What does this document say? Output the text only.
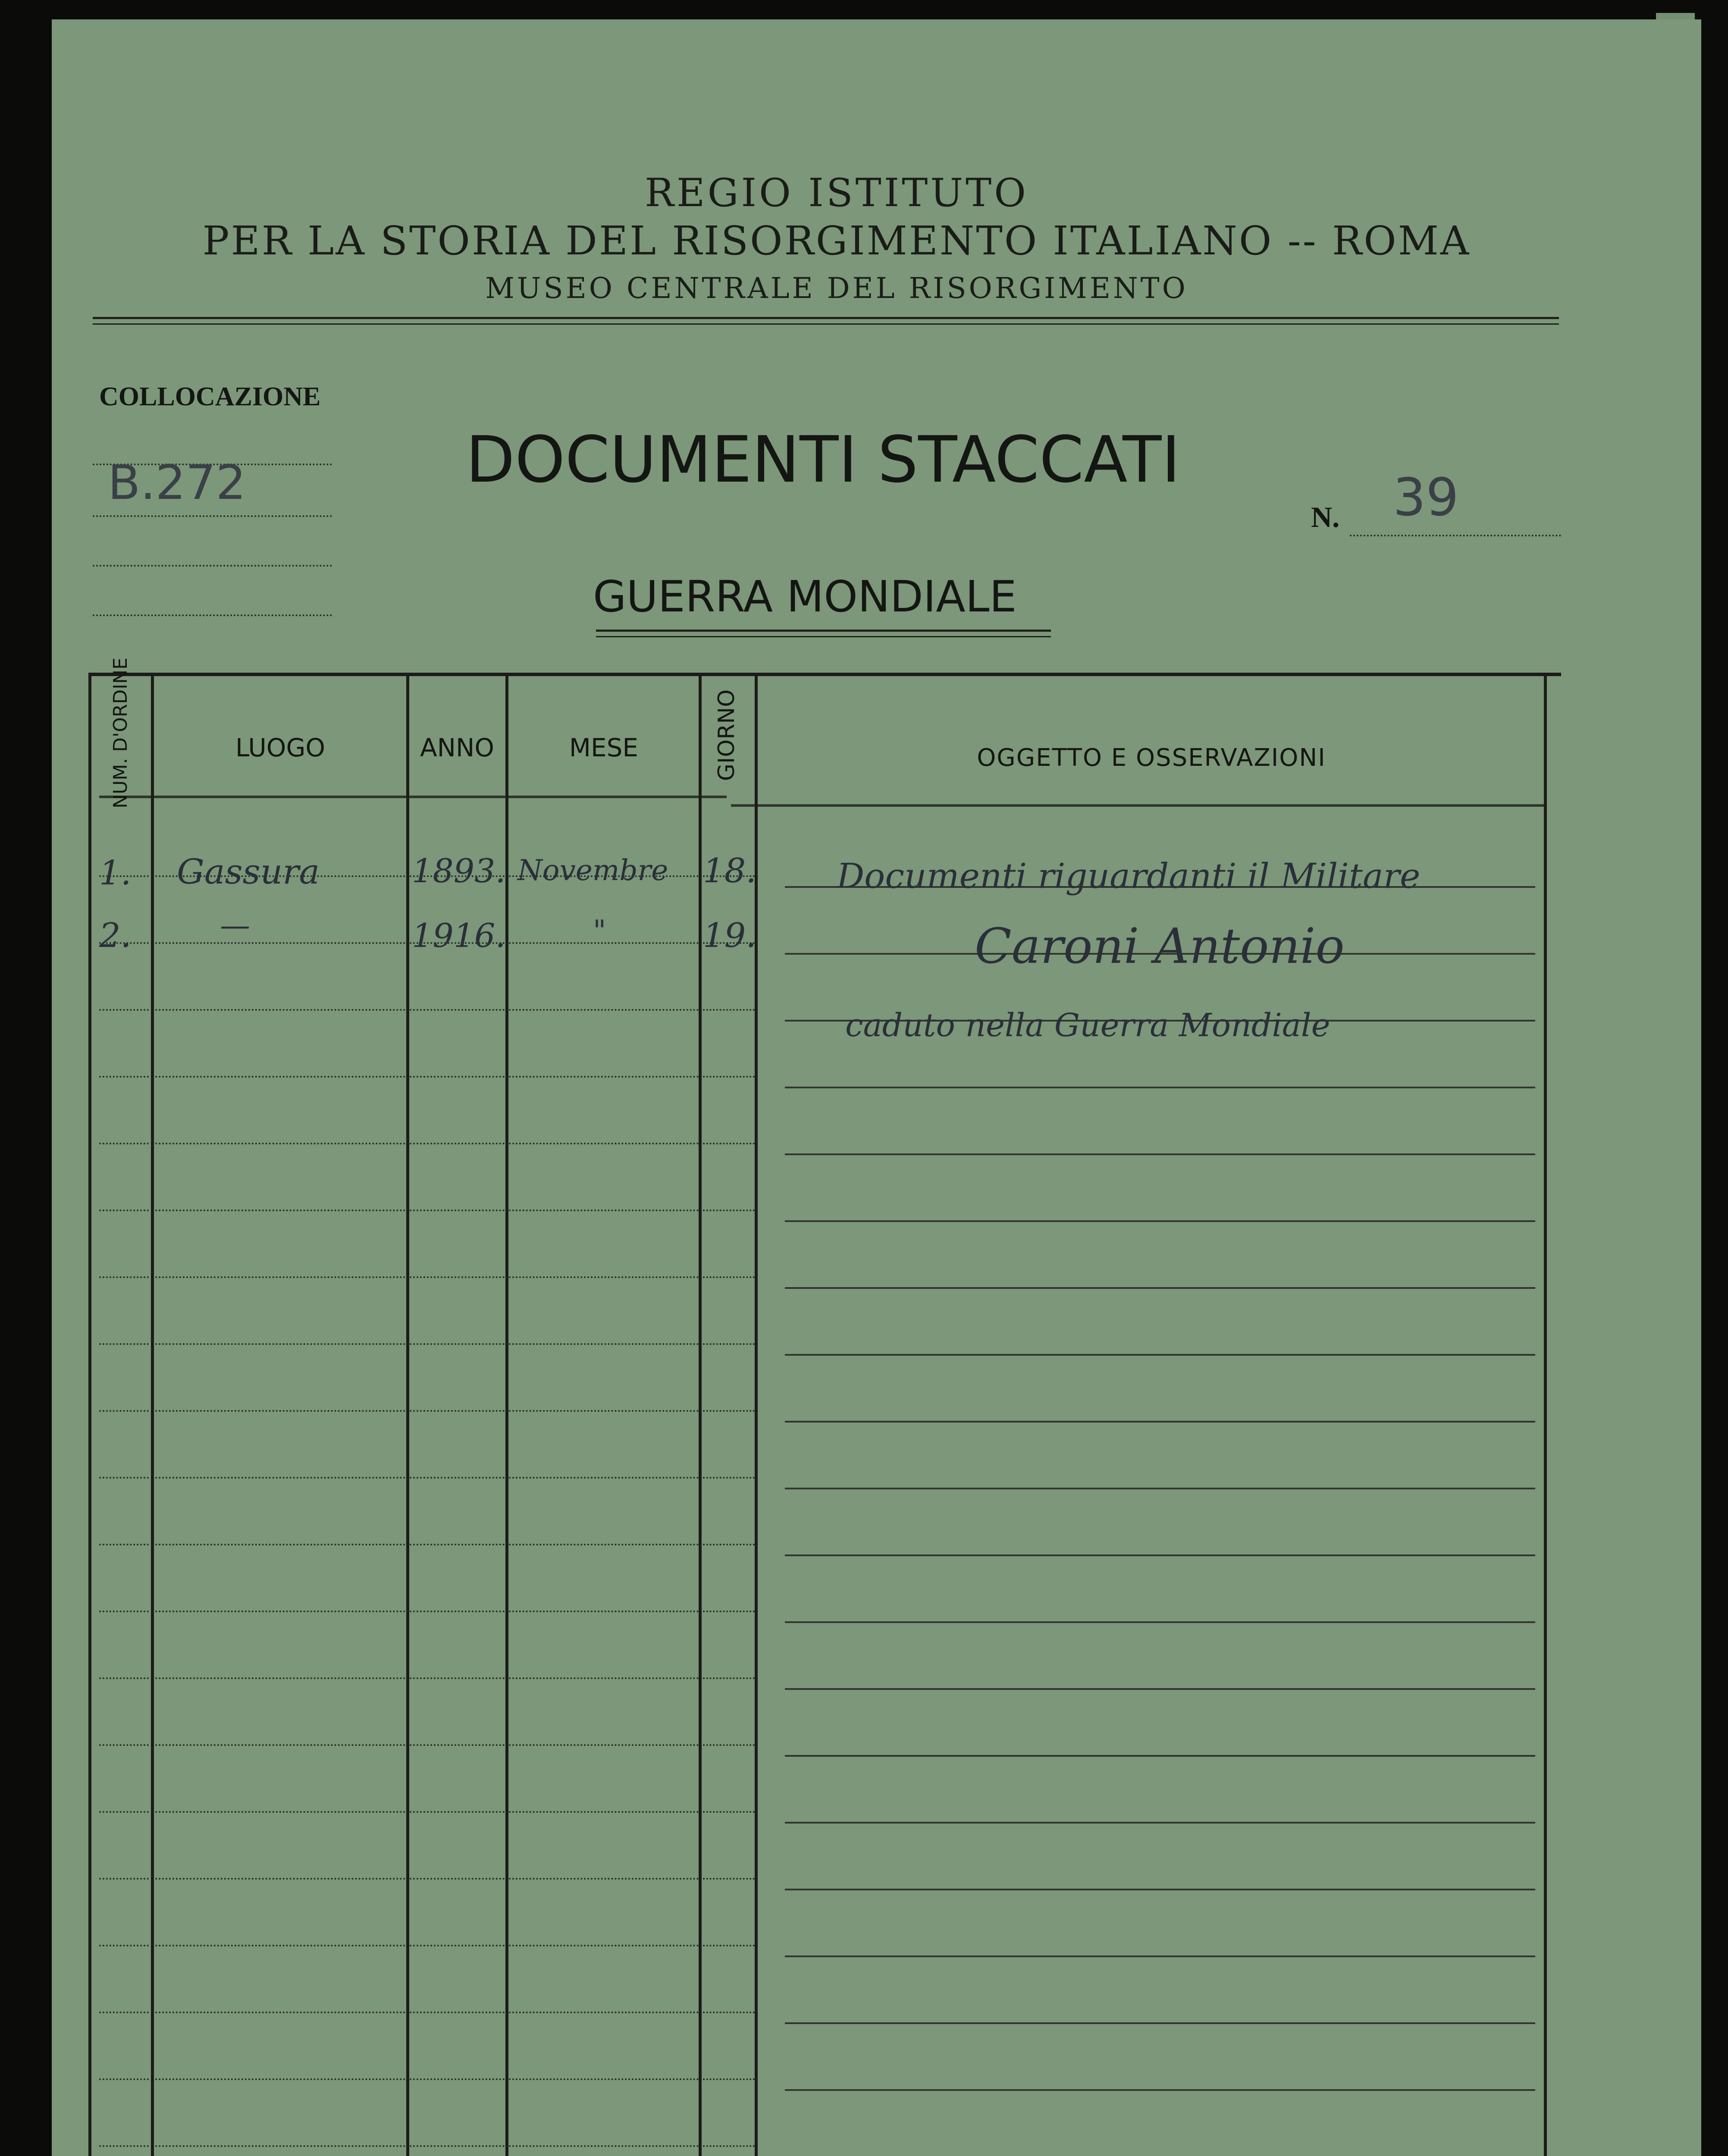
REGIO ISTITUTO
PER LA STORIA DEL RISORGIMENTO ITALIANO -- ROMA
MUSEO CENTRALE DEL RISORGIMENTO
COLLOCAZIONE
B.272	DOCUMENTI STACCATI
GUERRA MONDIALE
N. 39
NUM. D'ORDINE	LUOGO	ANNO	MESE	GIORNO	OGGETTO E OSSERVAZIONI
1. Gassura	1893. Novembre 18.
2.	—	1916.	"	19.
Documenti riguardanti il Militare
Caroni Antonio
caduto nella Guerra Mondiale
